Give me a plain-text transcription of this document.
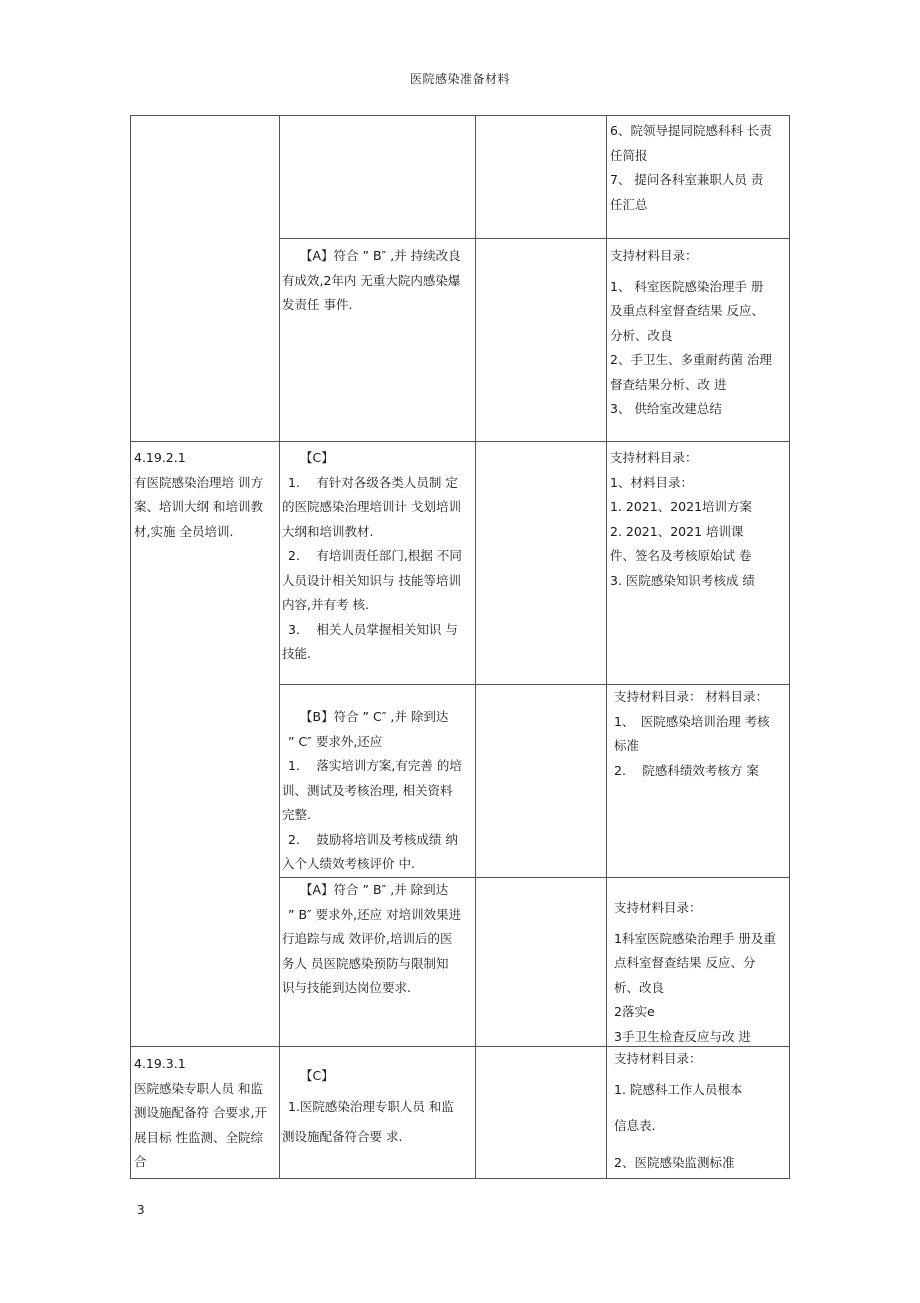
医院感染准备材料

6、院领导提同院感科科 长责

任简报

7、 提问各科室兼职人员 责

任汇总

【A】符合 ” B″ ,并 持续改良

有成效,2年内 无重大院内感染爆

发责任 事件.

支持材料目录：

1、 科室医院感染治理手 册

及重点科室督查结果 反应、

分析、改良

2、手卫生、多重耐药菌 治理

督查结果分析、改 进

3、 供给室改建总结

4.19.2.1

有医院感染治理培 训方

案、培训大纲 和培训教

材,实施 全员培训.

【C】

1.　 有针对各级各类人员制 定

的医院感染治理培训计 戈划培训

大纲和培训教材.

2.　 有培训责任部门,根据 不同

人员设计相关知识与 技能等培训

内容,并有考 核.

3.　 相关人员掌握相关知识 与

技能.

支持材料目录：

1、材料目录：

1. 2021、2021培训方案

2. 2021、2021 培训课

件、签名及考核原始试 卷

3. 医院感染知识考核成 绩

【B】符合 ” C″ ,并 除到达

” C″ 要求外,还应

1.　 落实培训方案,有完善 的培

训、测试及考核治理, 相关资料

完整.

2.　 鼓励将培训及考核成绩 纳

入个人绩效考核评价 中.

支持材料目录： 材料目录：

1、　医院感染培训治理 考核

标准

2.　 院感科绩效考核方 案

【A】符合 ” B″ ,并 除到达

” B″ 要求外,还应 对培训效果进

行追踪与成 效评价,培训后的医

务人 员医院感染预防与限制知

识与技能到达岗位要求.

支持材料目录：

1科室医院感染治理手 册及重

点科室督查结果 反应、分

析、改良

2落实e

3手卫生检査反应与改 进

4.19.3.1

医院感染专职人员 和监

测设施配备符 合要求,开

展目标 性监测、全院综

合

【C】

1.医院感染治理专职人员 和监

测设施配备符合要 求.

支持材料目录：

1. 院感科工作人员根本

信息表.

2、医院感染监测标准

3
